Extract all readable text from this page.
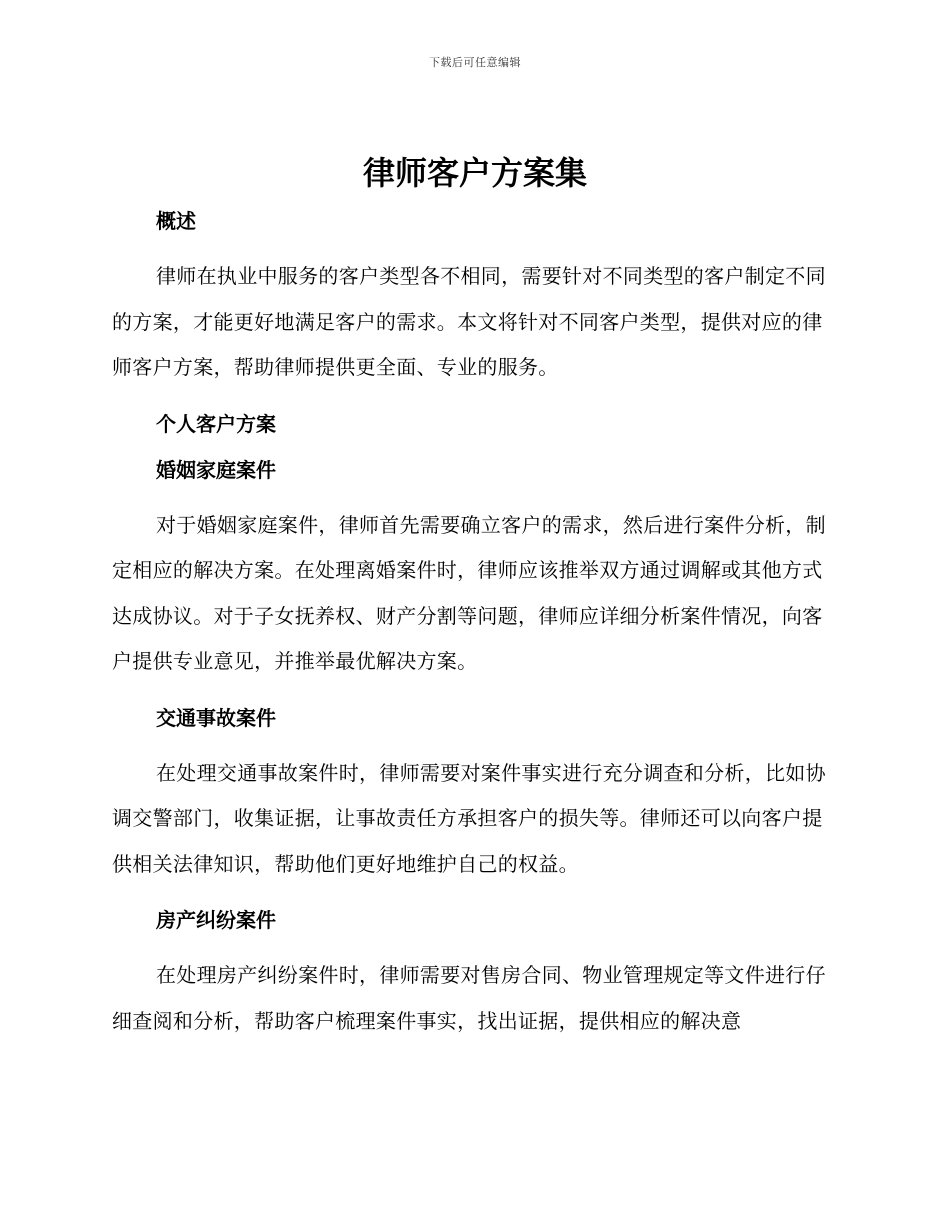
下载后可任意编辑
律师客户方案集
概述

律师在执业中服务的客户类型各不相同，需要针对不同类型的客户制定不同的方案，才能更好地满足客户的需求。本文将针对不同客户类型，提供对应的律师客户方案，帮助律师提供更全面、专业的服务。

个人客户方案
婚姻家庭案件

对于婚姻家庭案件，律师首先需要确立客户的需求，然后进行案件分析，制定相应的解决方案。在处理离婚案件时，律师应该推举双方通过调解或其他方式达成协议。对于子女抚养权、财产分割等问题，律师应详细分析案件情况，向客户提供专业意见，并推举最优解决方案。

交通事故案件

在处理交通事故案件时，律师需要对案件事实进行充分调查和分析，比如协调交警部门，收集证据，让事故责任方承担客户的损失等。律师还可以向客户提供相关法律知识，帮助他们更好地维护自己的权益。

房产纠纷案件

在处理房产纠纷案件时，律师需要对售房合同、物业管理规定等文件进行仔细查阅和分析，帮助客户梳理案件事实，找出证据，提供相应的解决意
